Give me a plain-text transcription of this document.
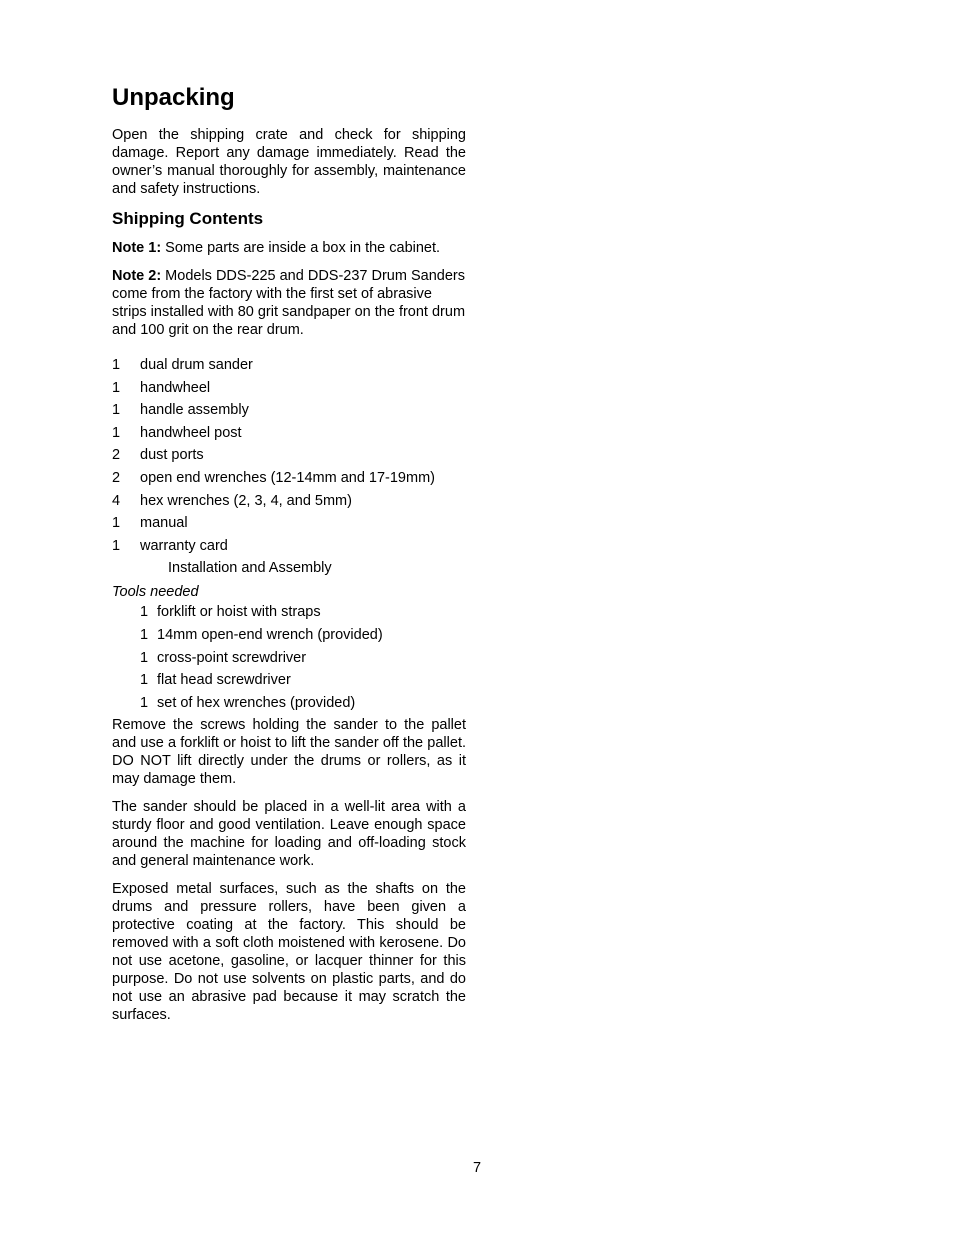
Unpacking

Open the shipping crate and check for shipping damage. Report any damage immediately. Read the owner’s manual thoroughly for assembly, maintenance and safety instructions.

Shipping Contents

Note 1: Some parts are inside a box in the cabinet.

Note 2: Models DDS-225 and DDS-237 Drum Sanders come from the factory with the first set of abrasive strips installed with 80 grit sandpaper on the front drum and 100 grit on the rear drum.

1	dual drum sander
1	handwheel
1	handle assembly
1	handwheel post
2	dust ports
2	open end wrenches (12-14mm and 17-19mm)
4	hex wrenches (2, 3, 4, and 5mm)
1	manual
1	warranty card
Installation and Assembly
Tools needed
1 forklift or hoist with straps
1 14mm open-end wrench (provided)
1 cross-point screwdriver
1 flat head screwdriver
1 set of hex wrenches (provided)

Remove the screws holding the sander to the pallet and use a forklift or hoist to lift the sander off the pallet. DO NOT lift directly under the drums or rollers, as it may damage them.

The sander should be placed in a well-lit area with a sturdy floor and good ventilation. Leave enough space around the machine for loading and off-loading stock and general maintenance work.

Exposed metal surfaces, such as the shafts on the drums and pressure rollers, have been given a protective coating at the factory. This should be removed with a soft cloth moistened with kerosene. Do not use acetone, gasoline, or lacquer thinner for this purpose. Do not use solvents on plastic parts, and do not use an abrasive pad because it may scratch the surfaces.

7
